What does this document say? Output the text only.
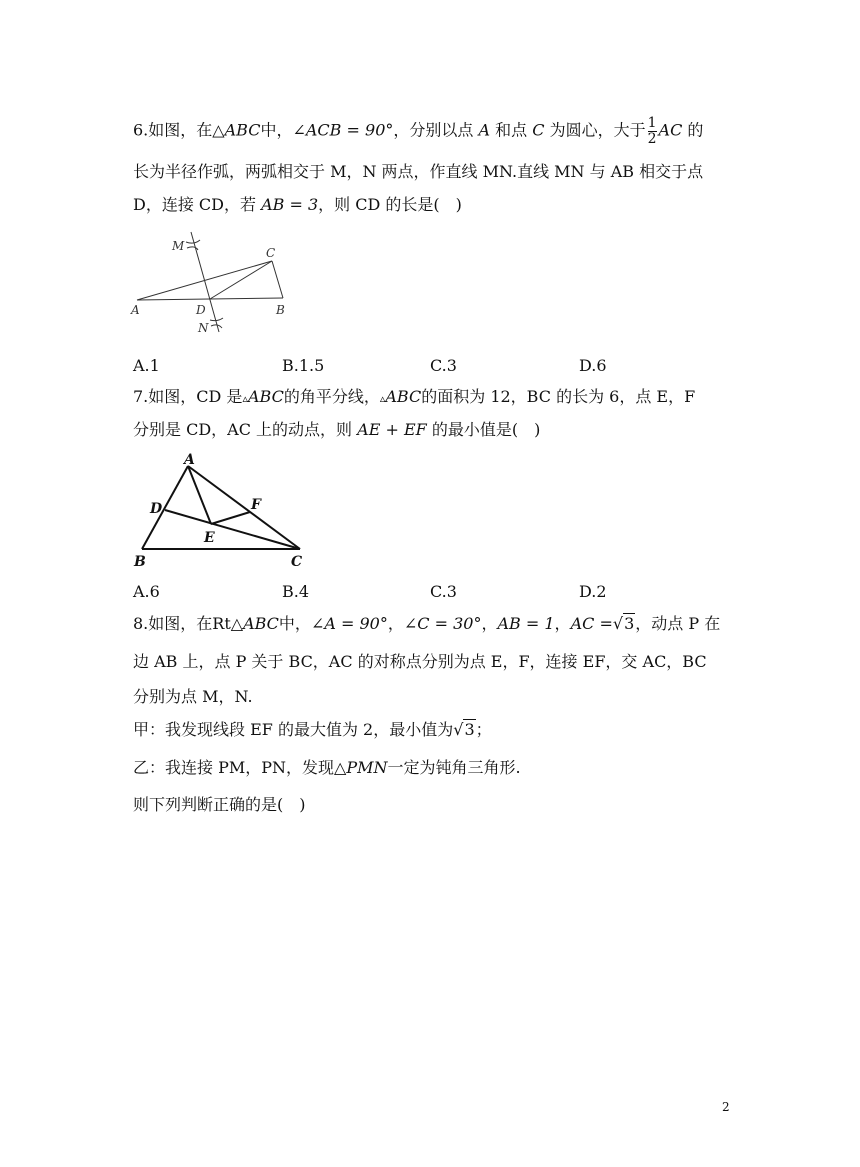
6.如图，在△ABC中，∠ACB = 90°，分别以点 A 和点 C 为圆心，大于 $\frac{1}{2}$ AC 的
长为半径作弧，两弧相交于 M，N 两点，作直线 MN.直线 MN 与 AB 相交于点
D，连接 CD，若 AB = 3，则 CD 的长是(　)
M	C
A	D	B
N
A.1	B.1.5	C.3	D.6
7.如图，CD 是▵ABC的角平分线，▵ABC的面积为 12，BC 的长为 6，点 E，F
分别是 CD，AC 上的动点，则 AE + EF 的最小值是(　)
A
D	F
E
B	C
A.6	B.4	C.3	D.2
8.如图，在Rt△ABC中，∠A = 90°，∠C = 30°，AB = 1，AC =√3，动点 P 在
边 AB 上，点 P 关于 BC，AC 的对称点分别为点 E，F，连接 EF，交 AC，BC
分别为点 M，N.
甲：我发现线段 EF 的最大值为 2，最小值为√3；
乙：我连接 PM，PN，发现△PMN一定为钝角三角形.
则下列判断正确的是(　)
2
